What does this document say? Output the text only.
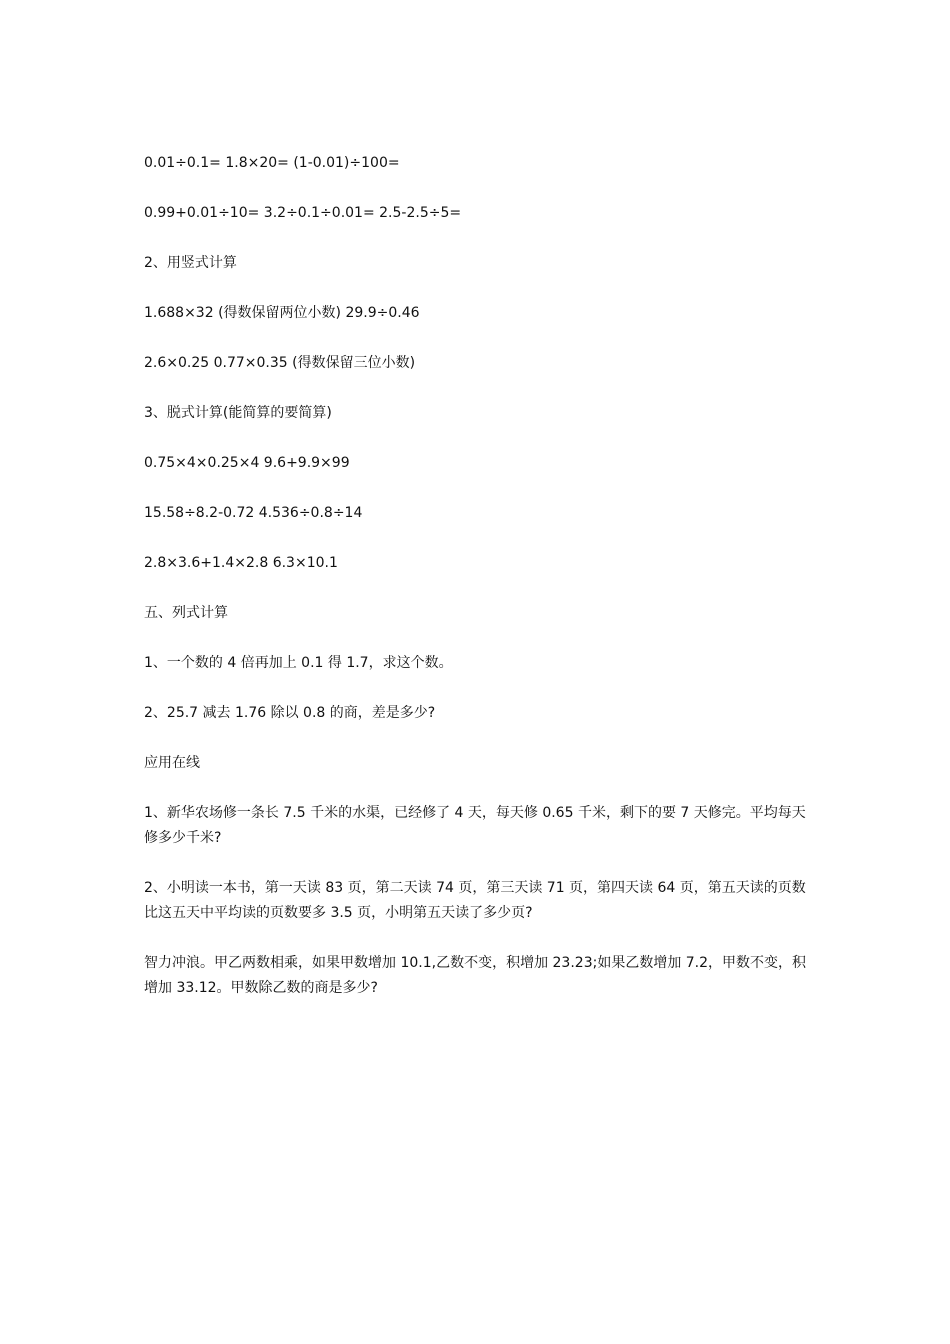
0.01÷0.1= 1.8×20= (1-0.01)÷100=

0.99+0.01÷10= 3.2÷0.1÷0.01= 2.5-2.5÷5=

2、用竖式计算

1.688×32 (得数保留两位小数) 29.9÷0.46

2.6×0.25 0.77×0.35 (得数保留三位小数)

3、脱式计算(能简算的要简算)

0.75×4×0.25×4 9.6+9.9×99

15.58÷8.2-0.72 4.536÷0.8÷14

2.8×3.6+1.4×2.8 6.3×10.1

五、列式计算

1、一个数的 4 倍再加上 0.1 得 1.7，求这个数。

2、25.7 减去 1.76 除以 0.8 的商，差是多少?

应用在线

1、新华农场修一条长 7.5 千米的水渠，已经修了 4 天，每天修 0.65 千米，剩下的要 7 天修完。平均每天修多少千米?

2、小明读一本书，第一天读 83 页，第二天读 74 页，第三天读 71 页，第四天读 64 页，第五天读的页数比这五天中平均读的页数要多 3.5 页，小明第五天读了多少页?

智力冲浪。甲乙两数相乘，如果甲数增加 10.1,乙数不变，积增加 23.23;如果乙数增加 7.2，甲数不变，积增加 33.12。甲数除乙数的商是多少?
